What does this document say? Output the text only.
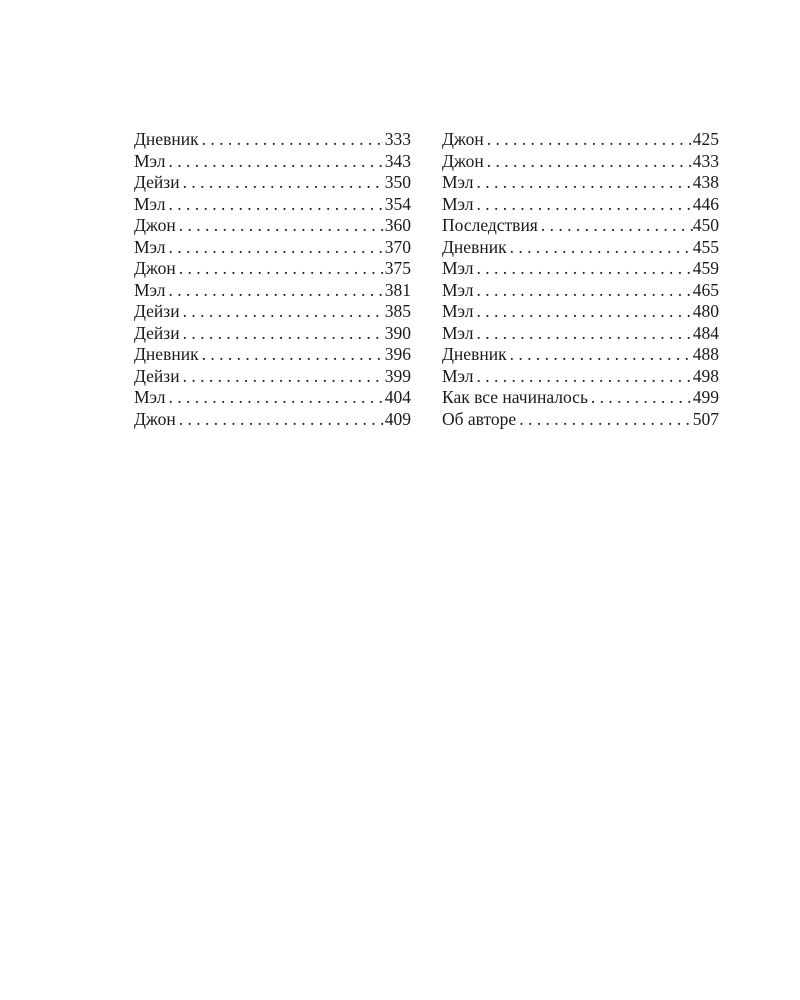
Дневник . . .	333
Мэл . . .	343
Дейзи . . .	350
Мэл . . .	354
Джон . . .	360
Мэл . . .	370
Джон . . .	375
Мэл . . .	381
Дейзи . . .	385
Дейзи . . .	390
Дневник . . .	396
Дейзи . . .	399
Мэл . . .	404
Джон . . .	409
Джон . . .	425
Джон . . .	433
Мэл . . .	438
Мэл . . .	446
Последствия . . .	450
Дневник . . .	455
Мэл . . .	459
Мэл . . .	465
Мэл . . .	480
Мэл . . .	484
Дневник . . .	488
Мэл . . .	498
Как все начиналось . . .	499
Об авторе . . .	507
